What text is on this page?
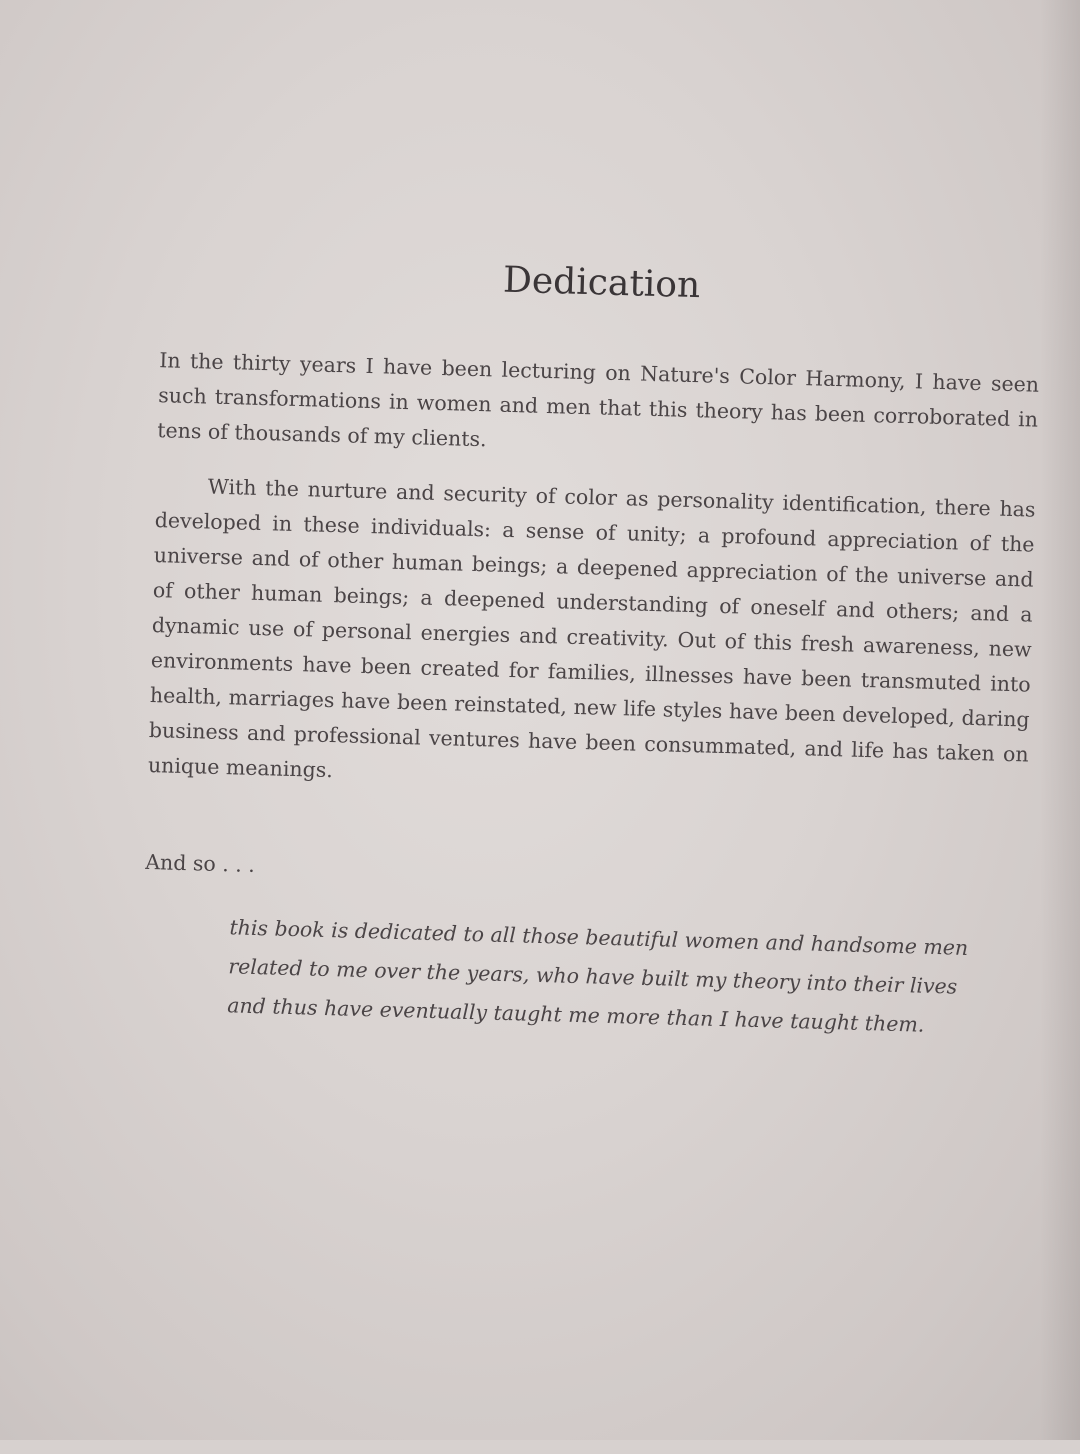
Dedication

In the thirty years I have been lecturing on Nature's Color Harmony, I have seen such transformations in women and men that this theory has been corroborated in tens of thousands of my clients.

With the nurture and security of color as personality identification, there has developed in these individuals: a sense of unity; a profound appreciation of the universe and of other human beings; a deepened appreciation of the universe and of other human beings; a deepened understanding of oneself and others; and a dynamic use of personal energies and creativity. Out of this fresh awareness, new environments have been created for families, illnesses have been transmuted into health, marriages have been reinstated, new life styles have been developed, daring business and professional ventures have been consummated, and life has taken on unique meanings.

And so . . .

this book is dedicated to all those beautiful women and handsome men related to me over the years, who have built my theory into their lives and thus have eventually taught me more than I have taught them.
